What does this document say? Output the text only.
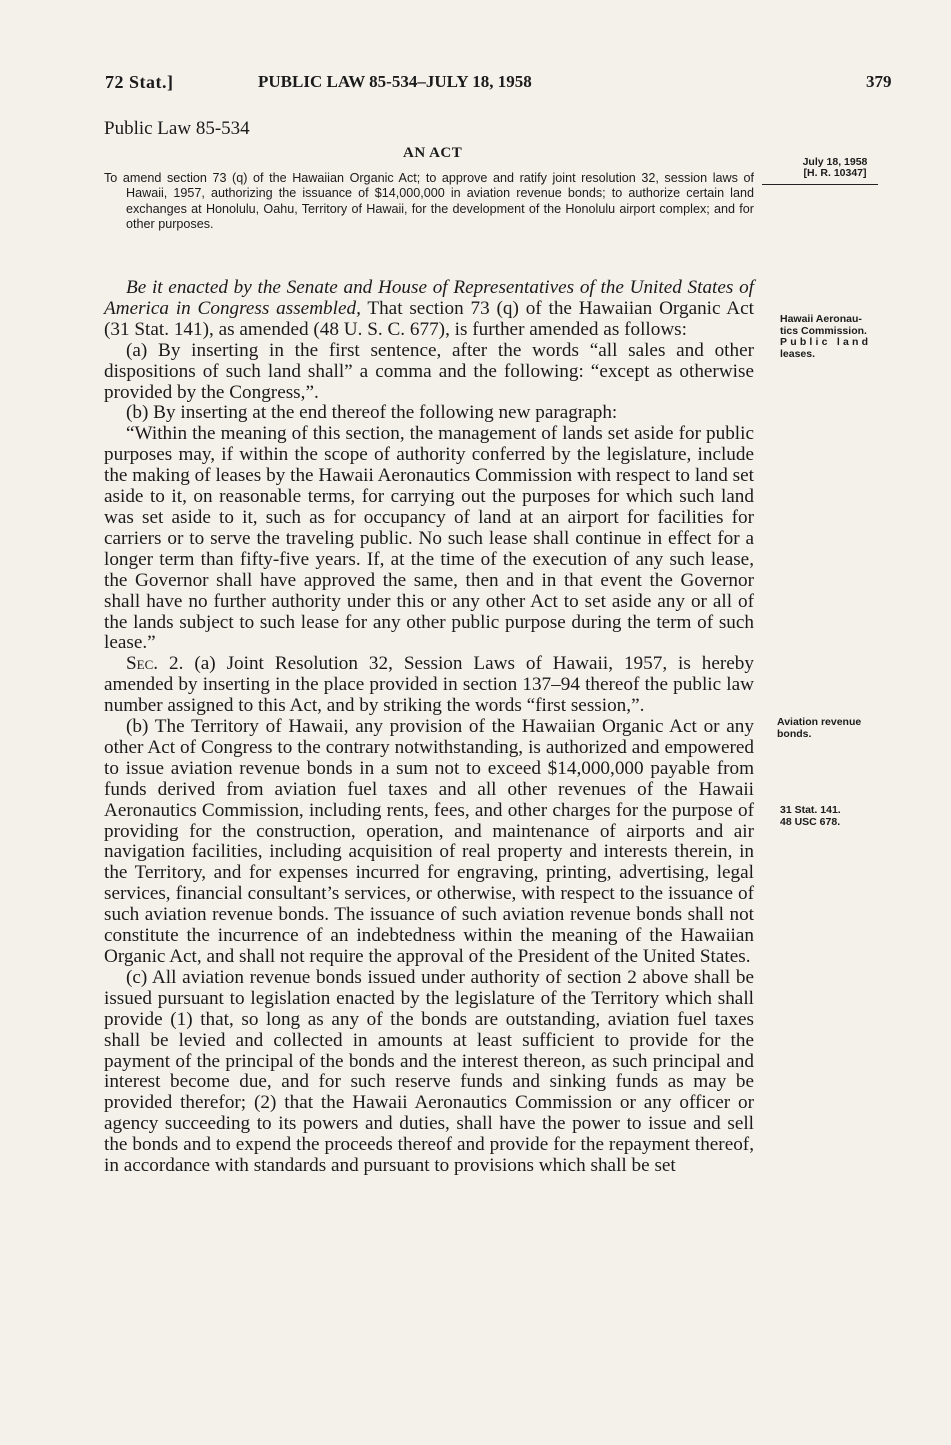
72 Stat.]	PUBLIC LAW 85-534–JULY 18, 1958	379
Public Law 85-534
AN ACT

To amend section 73 (q) of the Hawaiian Organic Act; to approve and ratify joint resolution 32, session laws of Hawaii, 1957, authorizing the issuance of $14,000,000 in aviation revenue bonds; to authorize certain land exchanges at Honolulu, Oahu, Territory of Hawaii, for the development of the Honolulu airport complex; and for other purposes.

July 18, 1958
[H. R. 10347]
Hawaii Aeronau-
tics Commission.
Public land
leases.
Aviation revenue
bonds.
31 Stat. 141.
48 USC 678.

Be it enacted by the Senate and House of Representatives of the United States of America in Congress assembled, That section 73 (q) of the Hawaiian Organic Act (31 Stat. 141), as amended (48 U. S. C. 677), is further amended as follows:

(a) By inserting in the first sentence, after the words “all sales and other dispositions of such land shall” a comma and the following: “except as otherwise provided by the Congress,”.

(b) By inserting at the end thereof the following new paragraph:

“Within the meaning of this section, the management of lands set aside for public purposes may, if within the scope of authority conferred by the legislature, include the making of leases by the Hawaii Aeronautics Commission with respect to land set aside to it, on reasonable terms, for carrying out the purposes for which such land was set aside to it, such as for occupancy of land at an airport for facilities for carriers or to serve the traveling public. No such lease shall continue in effect for a longer term than fifty-five years. If, at the time of the execution of any such lease, the Governor shall have approved the same, then and in that event the Governor shall have no further authority under this or any other Act to set aside any or all of the lands subject to such lease for any other public purpose during the term of such lease.”

Sec. 2. (a) Joint Resolution 32, Session Laws of Hawaii, 1957, is hereby amended by inserting in the place provided in section 137–94 thereof the public law number assigned to this Act, and by striking the words “first session,”.

(b) The Territory of Hawaii, any provision of the Hawaiian Organic Act or any other Act of Congress to the contrary notwithstanding, is authorized and empowered to issue aviation revenue bonds in a sum not to exceed $14,000,000 payable from funds derived from aviation fuel taxes and all other revenues of the Hawaii Aeronautics Commission, including rents, fees, and other charges for the purpose of providing for the construction, operation, and maintenance of airports and air navigation facilities, including acquisition of real property and interests therein, in the Territory, and for expenses incurred for engraving, printing, advertising, legal services, financial consultant’s services, or otherwise, with respect to the issuance of such aviation revenue bonds. The issuance of such aviation revenue bonds shall not constitute the incurrence of an indebtedness within the meaning of the Hawaiian Organic Act, and shall not require the approval of the President of the United States.

(c) All aviation revenue bonds issued under authority of section 2 above shall be issued pursuant to legislation enacted by the legislature of the Territory which shall provide (1) that, so long as any of the bonds are outstanding, aviation fuel taxes shall be levied and collected in amounts at least sufficient to provide for the payment of the principal of the bonds and the interest thereon, as such principal and interest become due, and for such reserve funds and sinking funds as may be provided therefor; (2) that the Hawaii Aeronautics Commission or any officer or agency succeeding to its powers and duties, shall have the power to issue and sell the bonds and to expend the proceeds thereof and provide for the repayment thereof, in accordance with standards and pursuant to provisions which shall be set
